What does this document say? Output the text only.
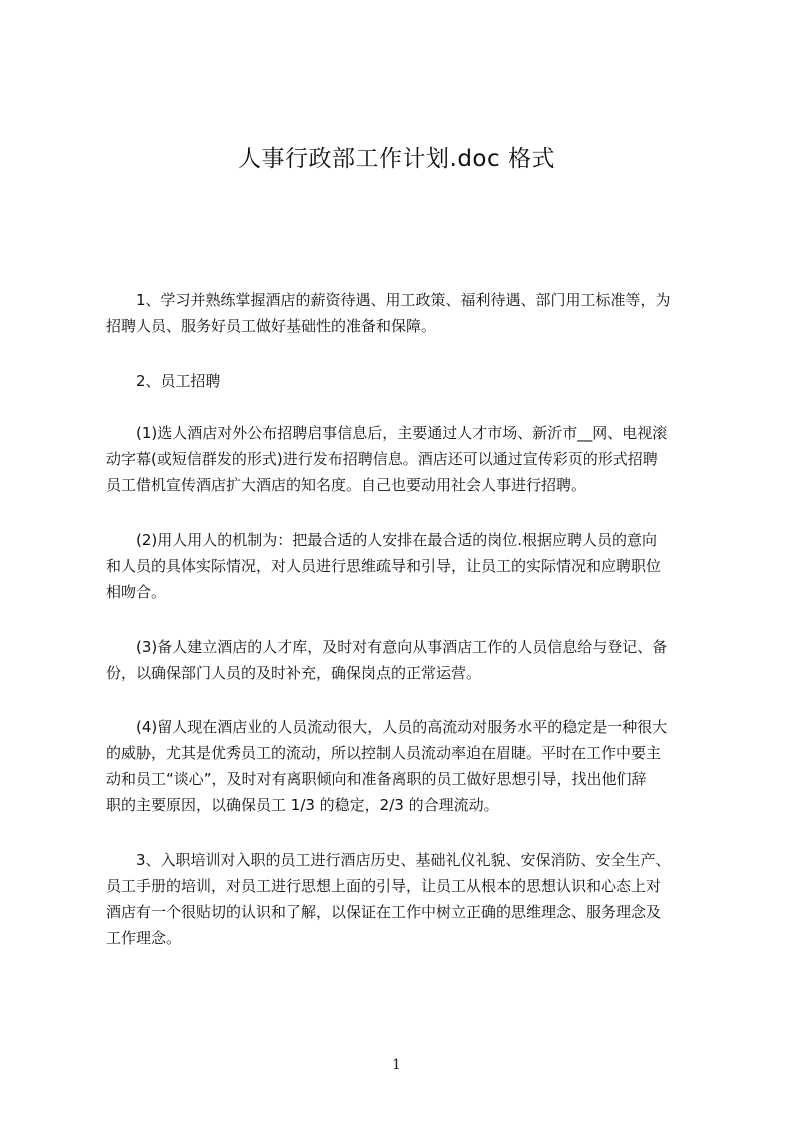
人事行政部工作计划.doc 格式
　　1、学习并熟练掌握酒店的薪资待遇、用工政策、福利待遇、部门用工标准等，为
招聘人员、服务好员工做好基础性的准备和保障。
　　2、员工招聘
　　(1)选人酒店对外公布招聘启事信息后，主要通过人才市场、新沂市__网、电视滚
动字幕(或短信群发的形式)进行发布招聘信息。酒店还可以通过宣传彩页的形式招聘
员工借机宣传酒店扩大酒店的知名度。自己也要动用社会人事进行招聘。
　　(2)用人用人的机制为：把最合适的人安排在最合适的岗位.根据应聘人员的意向
和人员的具体实际情况，对人员进行思维疏导和引导，让员工的实际情况和应聘职位
相吻合。
　　(3)备人建立酒店的人才库，及时对有意向从事酒店工作的人员信息给与登记、备
份，以确保部门人员的及时补充，确保岗点的正常运营。
　　(4)留人现在酒店业的人员流动很大，人员的高流动对服务水平的稳定是一种很大
的威胁，尤其是优秀员工的流动，所以控制人员流动率迫在眉睫。平时在工作中要主
动和员工“谈心”，及时对有离职倾向和准备离职的员工做好思想引导，找出他们辞
职的主要原因，以确保员工 1/3 的稳定，2/3 的合理流动。
　　3、入职培训对入职的员工进行酒店历史、基础礼仪礼貌、安保消防、安全生产、
员工手册的培训，对员工进行思想上面的引导，让员工从根本的思想认识和心态上对
酒店有一个很贴切的认识和了解，以保证在工作中树立正确的思维理念、服务理念及
工作理念。
1
